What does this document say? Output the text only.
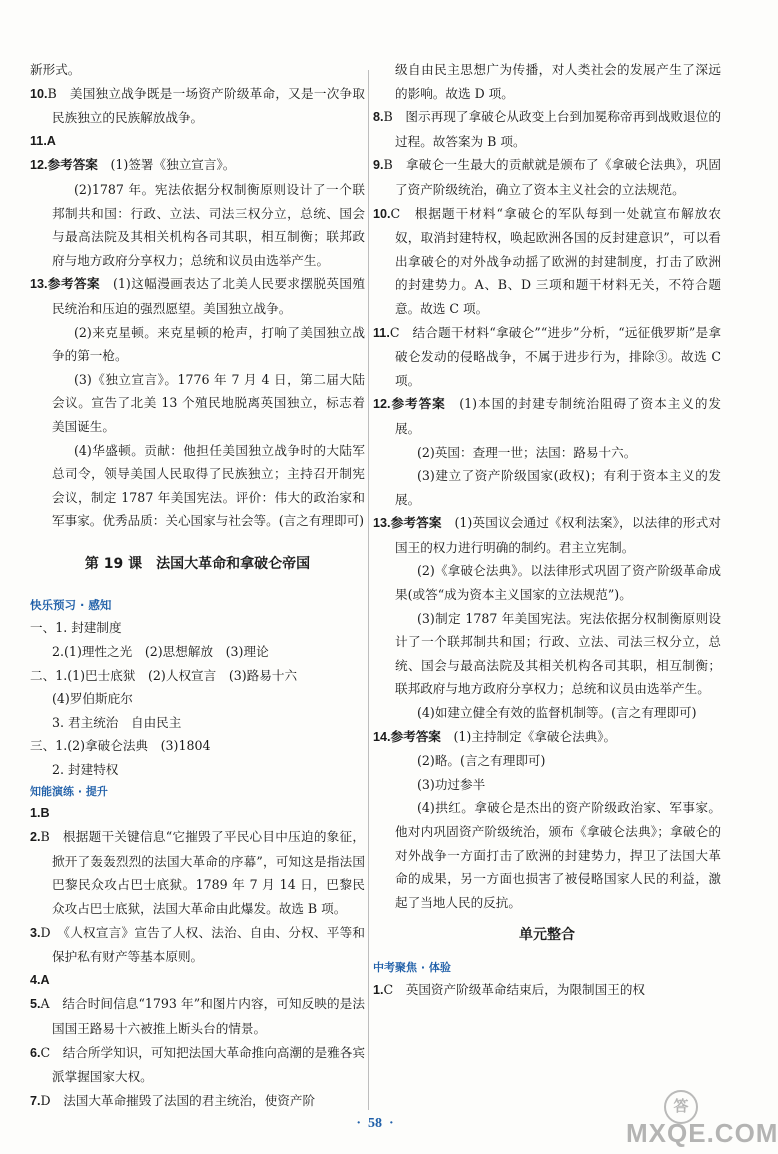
新形式。

10.B　美国独立战争既是一场资产阶级革命，又是一次争取民族独立的民族解放战争。

11.A

12.参考答案　 (1)签署《独立宣言》。

(2)1787 年。宪法依据分权制衡原则设计了一个联邦制共和国：行政、立法、司法三权分立，总统、国会与最高法院及其相关机构各司其职，相互制衡；联邦政府与地方政府分享权力；总统和议员由选举产生。

13.参考答案　 (1)这幅漫画表达了北美人民要求摆脱英国殖民统治和压迫的强烈愿望。美国独立战争。

(2)来克星顿。来克星顿的枪声，打响了美国独立战争的第一枪。

(3)《独立宣言》。1776 年 7 月 4 日，第二届大陆会议。宣告了北美 13 个殖民地脱离英国独立，标志着美国诞生。

(4)华盛顿。贡献：他担任美国独立战争时的大陆军总司令，领导美国人民取得了民族独立；主持召开制宪会议，制定 1787 年美国宪法。评价：伟大的政治家和军事家。优秀品质：关心国家与社会等。(言之有理即可)

第 19 课　法国大革命和拿破仑帝国
快乐预习 · 感知

一、1. 封建制度

2.(1)理性之光　(2)思想解放　(3)理论

二、1.(1)巴士底狱　(2)人权宣言　(3)路易十六

(4)罗伯斯庇尔

3. 君主统治　自由民主

三、1.(2)拿破仑法典　(3)1804

2. 封建特权

知能演练 · 提升

1.B

2.B　根据题干关键信息“它摧毁了平民心目中压迫的象征，掀开了轰轰烈烈的法国大革命的序幕”，可知这是指法国巴黎民众攻占巴士底狱。1789 年 7 月 14 日，巴黎民众攻占巴士底狱，法国大革命由此爆发。故选 B 项。

3.D　《人权宣言》宣告了人权、法治、自由、分权、平等和保护私有财产等基本原则。

4.A

5.A　结合时间信息“1793 年”和图片内容，可知反映的是法国国王路易十六被推上断头台的情景。

6.C　结合所学知识，可知把法国大革命推向高潮的是雅各宾派掌握国家大权。

7.D　法国大革命摧毁了法国的君主统治，使资产阶

级自由民主思想广为传播，对人类社会的发展产生了深远的影响。故选 D 项。

8.B　图示再现了拿破仑从政变上台到加冕称帝再到战败退位的过程。故答案为 B 项。

9.B　拿破仑一生最大的贡献就是颁布了《拿破仑法典》，巩固了资产阶级统治，确立了资本主义社会的立法规范。

10.C　根据题干材料“拿破仑的军队每到一处就宣布解放农奴，取消封建特权，唤起欧洲各国的反封建意识”，可以看出拿破仑的对外战争动摇了欧洲的封建制度，打击了欧洲的封建势力。A、B、D 三项和题干材料无关，不符合题意。故选 C 项。

11.C　结合题干材料“拿破仑”“进步”分析，“远征俄罗斯”是拿破仑发动的侵略战争，不属于进步行为，排除③。故选 C 项。

12.参考答案　 (1)本国的封建专制统治阻碍了资本主义的发展。

(2)英国：查理一世；法国：路易十六。

(3)建立了资产阶级国家(政权)；有利于资本主义的发展。

13.参考答案　 (1)英国议会通过《权利法案》，以法律的形式对国王的权力进行明确的制约。君主立宪制。

(2)《拿破仑法典》。以法律形式巩固了资产阶级革命成果(或答“成为资本主义国家的立法规范”)。

(3)制定 1787 年美国宪法。宪法依据分权制衡原则设计了一个联邦制共和国；行政、立法、司法三权分立，总统、国会与最高法院及其相关机构各司其职，相互制衡；联邦政府与地方政府分享权力；总统和议员由选举产生。

(4)如建立健全有效的监督机制等。(言之有理即可)

14.参考答案　 (1)主持制定《拿破仑法典》。

(2)略。(言之有理即可)

(3)功过参半

(4)拱红。拿破仑是杰出的资产阶级政治家、军事家。他对内巩固资产阶级统治，颁布《拿破仑法典》；拿破仑的对外战争一方面打击了欧洲的封建势力，捍卫了法国大革命的成果，另一方面也损害了被侵略国家人民的利益，激起了当地人民的反抗。

单元整合
中考聚焦 · 体验

1.C　英国资产阶级革命结束后，为限制国王的权

·  58  ·
答
MXQE.COM
